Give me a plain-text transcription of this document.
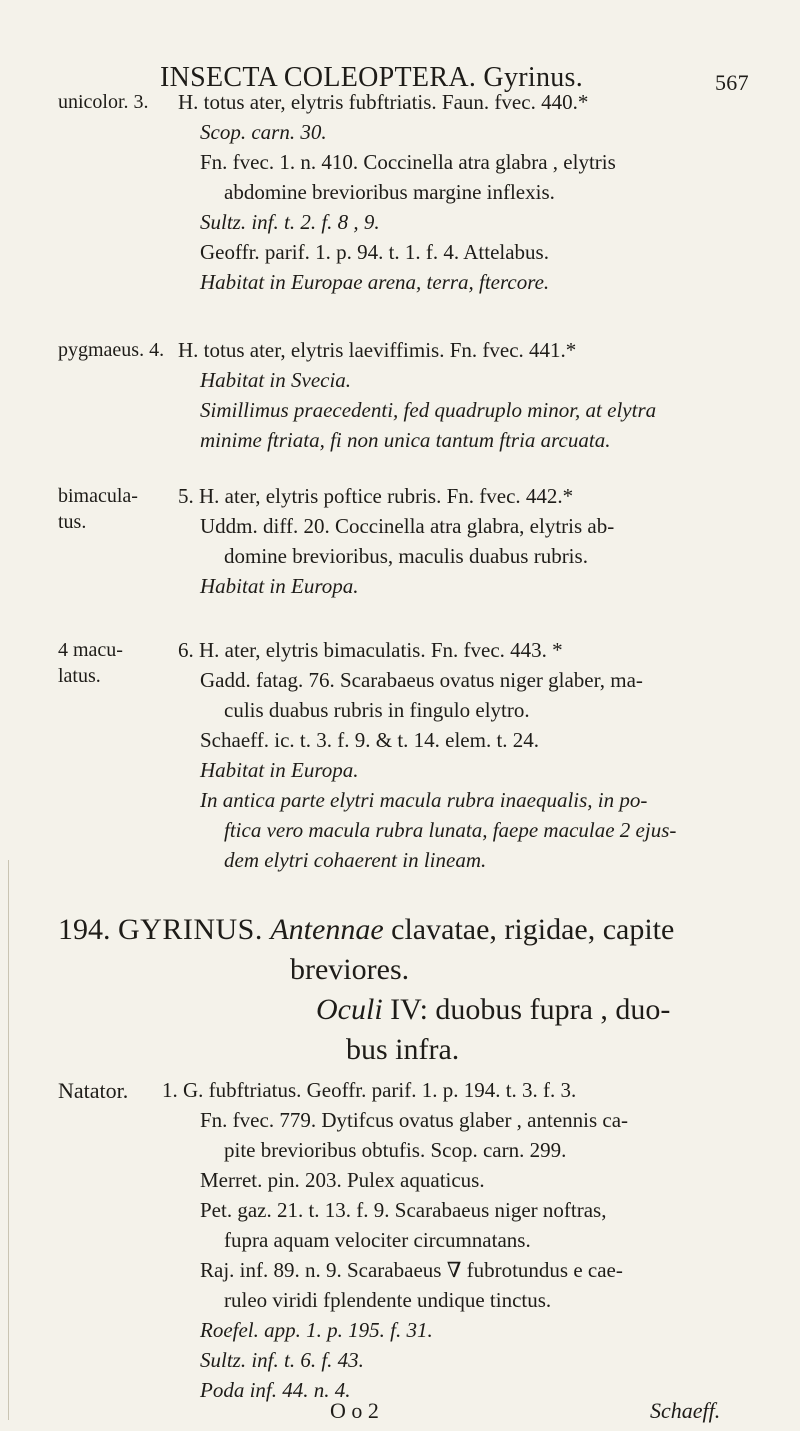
INSECTA COLEOPTERA. Gyrinus.	567
unicolor. 3. H. totus ater, elytris fubftriatis. Faun. fvec. 440.*
Scop. carn. 30.
Fn. fvec. 1. n. 410. Coccinella atra glabra , elytris
abdomine brevioribus margine inflexis.
Sultz. inf. t. 2. f. 8 , 9.
Geoffr. parif. 1. p. 94. t. 1. f. 4. Attelabus.
Habitat in Europae arena, terra, ftercore.
pygmaeus. 4. H. totus ater, elytris laeviffimis. Fn. fvec. 441.*
Habitat in Svecia.
Simillimus praecedenti, fed quadruplo minor, at elytra
minime ftriata, fi non unica tantum ftria arcuata.
bimacula-
tus.
5. H. ater, elytris poftice rubris. Fn. fvec. 442.*
Uddm. diff. 20. Coccinella atra glabra, elytris ab-
domine brevioribus, maculis duabus rubris.
Habitat in Europa.
4 macu-
latus.
6. H. ater, elytris bimaculatis. Fn. fvec. 443. *
Gadd. fatag. 76. Scarabaeus ovatus niger glaber, ma-
culis duabus rubris in fingulo elytro.
Schaeff. ic. t. 3. f. 9. & t. 14. elem. t. 24.
Habitat in Europa.
In antica parte elytri macula rubra inaequalis, in po-
ftica vero macula rubra lunata, faepe maculae 2 ejus-
dem elytri cohaerent in lineam.
194. GYRINUS. Antennae clavatae, rigidae, capite
breviores.
Oculi IV: duobus fupra , duo-
bus infra.
Natator. 1. G. fubftriatus. Geoffr. parif. 1. p. 194. t. 3. f. 3.
Fn. fvec. 779. Dytifcus ovatus glaber , antennis ca-
pite brevioribus obtufis. Scop. carn. 299.
Merret. pin. 203. Pulex aquaticus.
Pet. gaz. 21. t. 13. f. 9. Scarabaeus niger noftras,
fupra aquam velociter circumnatans.
Raj. inf. 89. n. 9. Scarabaeus ∇ fubrotundus e cae-
ruleo viridi fplendente undique tinctus.
Roefel. app. 1. p. 195. f. 31.
Sultz. inf. t. 6. f. 43.
Poda inf. 44. n. 4.
O o 2	Schaeff.
